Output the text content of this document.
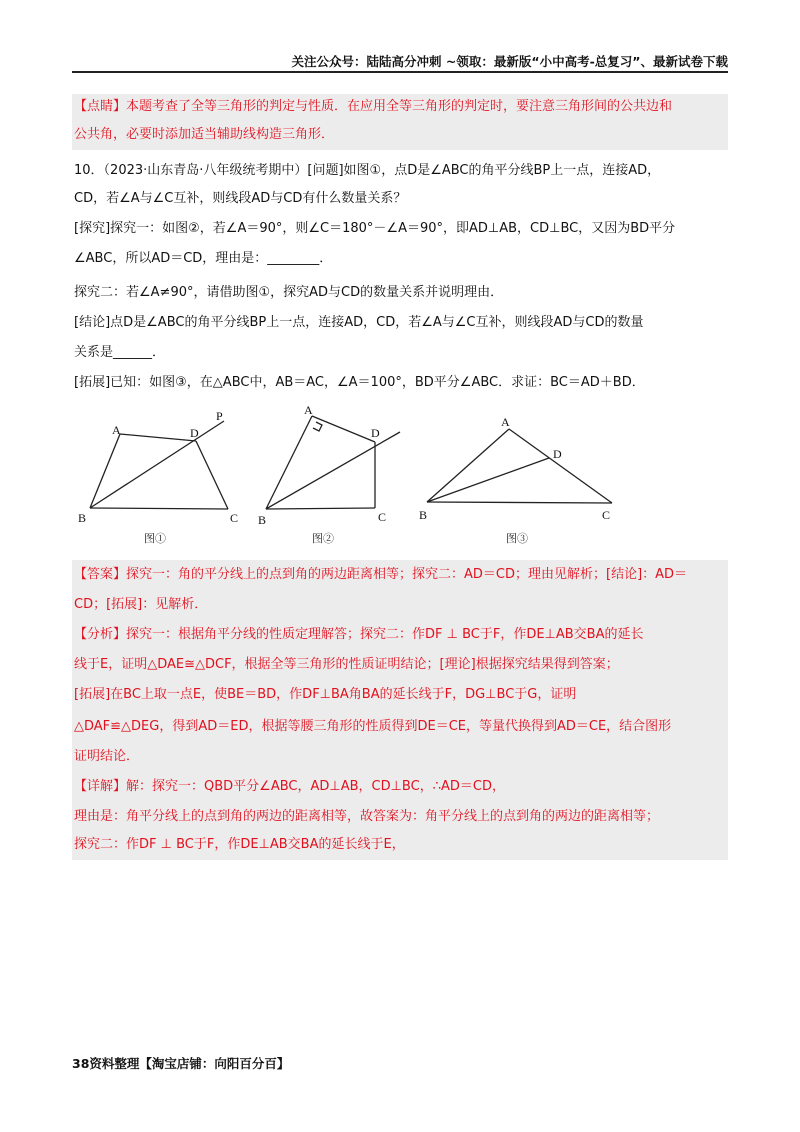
关注公众号：陆陆高分冲刺 ~领取：最新版“小中高考-总复习”、最新试卷下载
【点睛】本题考查了全等三角形的判定与性质．在应用全等三角形的判定时，要注意三角形间的公共边和
公共角，必要时添加适当辅助线构造三角形．
10．（2023·山东青岛·八年级统考期中）[问题]如图①，点D是∠ABC的角平分线BP上一点，连接AD，
CD，若∠A与∠C互补，则线段AD与CD有什么数量关系？
[探究]探究一：如图②，若∠A＝90°，则∠C＝180°－∠A＝90°，即AD⊥AB，CD⊥BC，又因为BD平分
∠ABC，所以AD＝CD，理由是：________．
探究二：若∠A≠90°，请借助图①，探究AD与CD的数量关系并说明理由．
[结论]点D是∠ABC的角平分线BP上一点，连接AD，CD，若∠A与∠C互补，则线段AD与CD的数量
关系是______．
[拓展]已知：如图③，在△ABC中，AB＝AC，∠A＝100°，BD平分∠ABC．求证：BC＝AD＋BD．
A	D
P
B	C
图①
A
D
B	C
图②
A
D
B	C
图③
【答案】探究一：角的平分线上的点到角的两边距离相等；探究二：AD＝CD；理由见解析；[结论]：AD＝
CD；[拓展]：见解析．
【分析】探究一：根据角平分线的性质定理解答；探究二：作DF ⊥ BC于F，作DE⊥AB交BA的延长
线于E，证明△DAE≅△DCF，根据全等三角形的性质证明结论；[理论]根据探究结果得到答案；
[拓展]在BC上取一点E，使BE＝BD，作DF⊥BA角BA的延长线于F，DG⊥BC于G，证明
△DAF≌△DEG，得到AD＝ED，根据等腰三角形的性质得到DE＝CE，等量代换得到AD＝CE，结合图形
证明结论．
【详解】解：探究一：QBD平分∠ABC，AD⊥AB，CD⊥BC，∴AD＝CD，
理由是：角平分线上的点到角的两边的距离相等，故答案为：角平分线上的点到角的两边的距离相等；
探究二：作DF ⊥ BC于F，作DE⊥AB交BA的延长线于E，
38资料整理【淘宝店铺：向阳百分百】
